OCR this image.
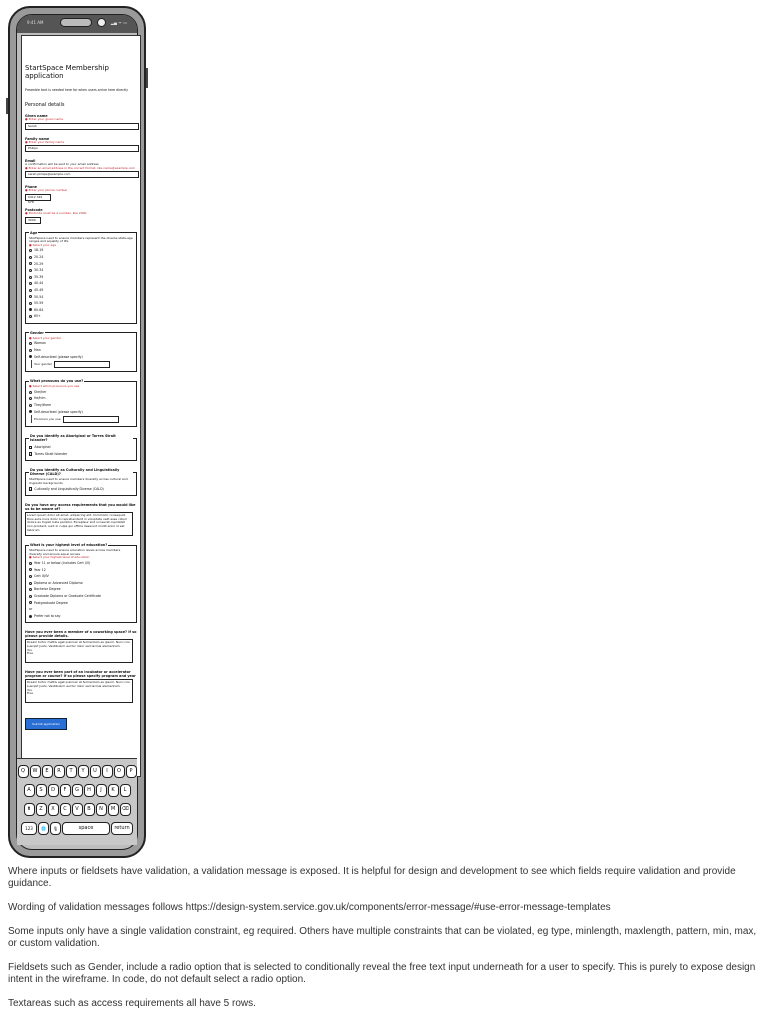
9:41 AM	▂▄ ᯤ ▭
StartSpace Membership application
Preamble text is needed here for when users arrive here directly
Personal details
Given name
● Enter your given name
Sarah
Family name
● Enter your family name
Philips
Email
A confirmation will be sent to your email address
● Enter an email address in the correct format, like name@example.com
sarah.philips@example.com
Phone
● Enter your phone number
0412 345 678
Postcode
● Postcode must be a number, like 2000
3000
Age
StartSpace need to ensure members represent the diverse state-age ranges and equality of life
● Select your age
18-19
20-24
25-29
30-34
35-39
40-44
45-49
50-54
55-59
60-64
65+
Gender
● Select your gender
Woman
Man
Self-described (please specify)
Your gender
What pronouns do you use?
● Select which pronouns you use
She/her
He/him
They/them
Self-described (please specify)
Pronouns you use
Do you identify as Aboriginal or Torres Strait Islander?
✓ Aboriginal
✓ Torres Strait Islander
Do you identify as Culturally and Linguistically Diverse (CALD)?
StartSpace need to ensure members diversity across cultural and linguistic backgrounds
✓ Culturally and Linguistically Diverse (CALD)
Do you have any access requirements that you would like us to be aware of?
Lorem ipsum dolor sit amet, adipiscing elit. Commodo consequat. Duis aute irure dolor in reprehenderit in voluptate velit esse cillum dolore eu fugiat nulla pariatur. Excepteur sint occaecat cupidatat non proident, sunt in culpa qui officia deserunt mollit anim id est laborum.
What is your highest level of education?
StartSpace need to ensure education levels across members diversity and ensure equal access
● Select your highest level of education
Year 11 or below (includes Cert I/II)
Year 12
Cert III/IV
Diploma or Advanced Diploma
Bachelor Degree
Graduate Diploma or Graduate Certificate
Postgraduate Degree
or
Prefer not to say
Have you ever been a member of a coworking space? If so please provide details.
Dream tortor mattis eget pulvinar at fermentum as ipsum. Nunc non suscipit justo. Vestibulum auctor dolor sed lacinia elementum.
You
Five
Have you ever been part of an incubator or accelerator program or course? If so please specify program and year
Dream tortor mattis eget pulvinar at fermentum as ipsum. Nunc non suscipit justo. Vestibulum auctor dolor sed lacinia elementum.
You
Five
Submit application
Q	W	E	R	T	Y	U	I	O	P
A	S	D	F	G	H	J	K	L
⬆	Z	X	C	V	B	N	M	⌫
123	🌐	🎙	space	return

Where inputs or fieldsets have validation, a validation message is exposed. It is helpful for design and development to see which fields require validation and provide guidance.

Wording of validation messages follows https://design-system.service.gov.uk/components/error-message/#use-error-message-templates

Some inputs only have a single validation constraint, eg required. Others have multiple constraints that can be violated, eg type, minlength, maxlength, pattern, min, max, or custom validation.

Fieldsets such as Gender, include a radio option that is selected to conditionally reveal the free text input underneath for a user to specify. This is purely to expose design intent in the wireframe. In code, do not default select a radio option.

Textareas such as access requirements all have 5 rows.
